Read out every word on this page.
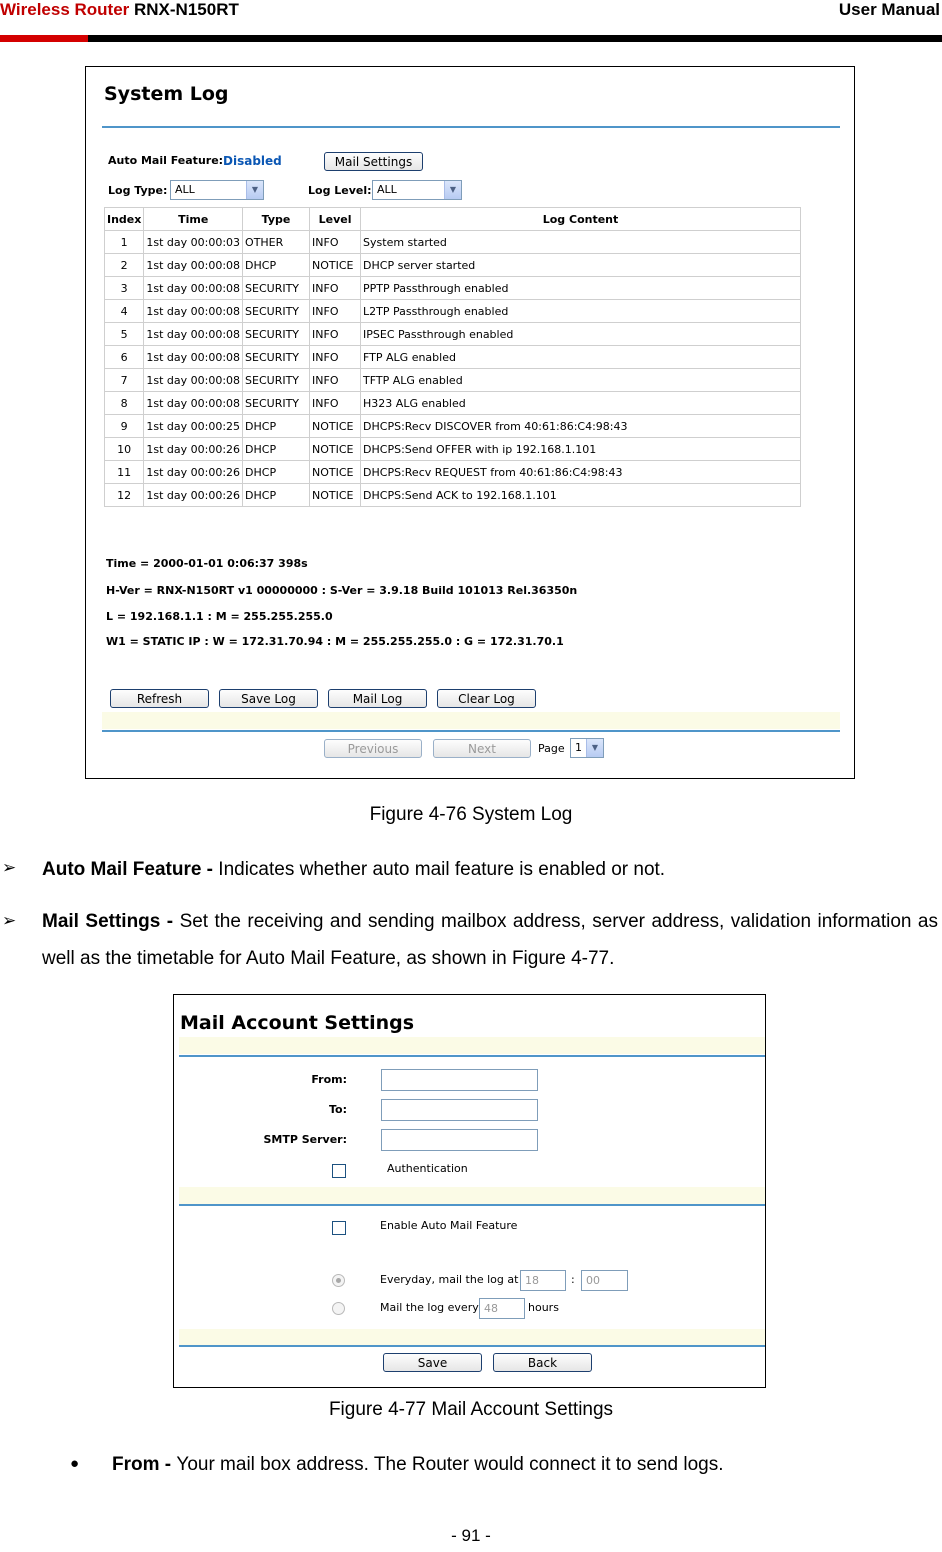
Wireless Router RNX-N150RT	User Manual
System Log
Auto Mail Feature: Disabled	Mail Settings
Log Type: ALL	▼	Log Level: ALL	▼
Index	Time	Type	Level	Log Content
1	1st day 00:00:03	OTHER	INFO	System started
2	1st day 00:00:08	DHCP	NOTICE	DHCP server started
3	1st day 00:00:08	SECURITY	INFO	PPTP Passthrough enabled
4	1st day 00:00:08	SECURITY	INFO	L2TP Passthrough enabled
5	1st day 00:00:08	SECURITY	INFO	IPSEC Passthrough enabled
6	1st day 00:00:08	SECURITY	INFO	FTP ALG enabled
7	1st day 00:00:08	SECURITY	INFO	TFTP ALG enabled
8	1st day 00:00:08	SECURITY	INFO	H323 ALG enabled
9	1st day 00:00:25	DHCP	NOTICE	DHCPS:Recv DISCOVER from 40:61:86:C4:98:43
10	1st day 00:00:26	DHCP	NOTICE	DHCPS:Send OFFER with ip 192.168.1.101
11	1st day 00:00:26	DHCP	NOTICE	DHCPS:Recv REQUEST from 40:61:86:C4:98:43
12	1st day 00:00:26	DHCP	NOTICE	DHCPS:Send ACK to 192.168.1.101
Time = 2000-01-01 0:06:37 398s
H-Ver = RNX-N150RT v1 00000000 : S-Ver = 3.9.18 Build 101013 Rel.36350n
L = 192.168.1.1 : M = 255.255.255.0
W1 = STATIC IP : W = 172.31.70.94 : M = 255.255.255.0 : G = 172.31.70.1
Refresh	Save Log	Mail Log	Clear Log
Previous	Next	Page 1	▼
Figure 4-76 System Log
➢ Auto Mail Feature - Indicates whether auto mail feature is enabled or not.
➢ Mail Settings - Set the receiving and sending mailbox address, server address, validation information as well as the timetable for Auto Mail Feature, as shown in Figure 4-77.
Mail Account Settings
From:
To:
SMTP Server:
Authentication
Enable Auto Mail Feature
Everyday, mail the log at 18	:	00
Mail the log every 48	hours
Save	Back
Figure 4-77 Mail Account Settings
● From - Your mail box address. The Router would connect it to send logs.
- 91 -
